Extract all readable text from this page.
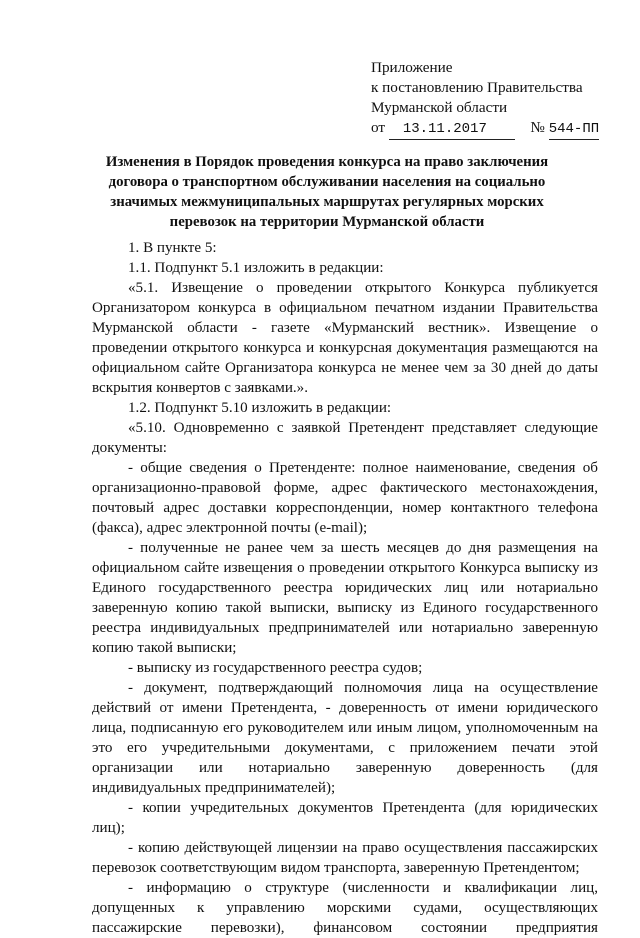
Приложение
к постановлению Правительства
Мурманской области
от 13.11.2017	№ 544-ПП
Изменения в Порядок проведения конкурса на право заключения договора о транспортном обслуживании населения на социально значимых межмуниципальных маршрутах регулярных морских перевозок на территории Мурманской области

1. В пункте 5:

1.1. Подпункт 5.1 изложить в редакции:

«5.1. Извещение о проведении открытого Конкурса публикуется Организатором конкурса в официальном печатном издании Правительства Мурманской области - газете «Мурманский вестник». Извещение о проведении открытого конкурса и конкурсная документация размещаются на официальном сайте Организатора конкурса не менее чем за 30 дней до даты вскрытия конвертов с заявками.».

1.2. Подпункт 5.10 изложить в редакции:

«5.10. Одновременно с заявкой Претендент представляет следующие документы:

- общие сведения о Претенденте: полное наименование, сведения об организационно-правовой форме, адрес фактического местонахождения, почтовый адрес доставки корреспонденции, номер контактного телефона (факса), адрес электронной почты (e-mail);

- полученные не ранее чем за шесть месяцев до дня размещения на официальном сайте извещения о проведении открытого Конкурса выписку из Единого государственного реестра юридических лиц или нотариально заверенную копию такой выписки, выписку из Единого государственного реестра индивидуальных предпринимателей или нотариально заверенную копию такой выписки;

- выписку из государственного реестра судов;

- документ, подтверждающий полномочия лица на осуществление действий от имени Претендента, - доверенность от имени юридического лица, подписанную его руководителем или иным лицом, уполномоченным на это его учредительными документами, с приложением печати этой организации или нотариально заверенную доверенность (для индивидуальных предпринимателей);

- копии учредительных документов Претендента (для юридических лиц);

- копию действующей лицензии на право осуществления пассажирских перевозок соответствующим видом транспорта, заверенную Претендентом;

- информацию о структуре (численности и квалификации лиц, допущенных к управлению морскими судами, осуществляющих пассажирские перевозки), финансовом состоянии предприятия
